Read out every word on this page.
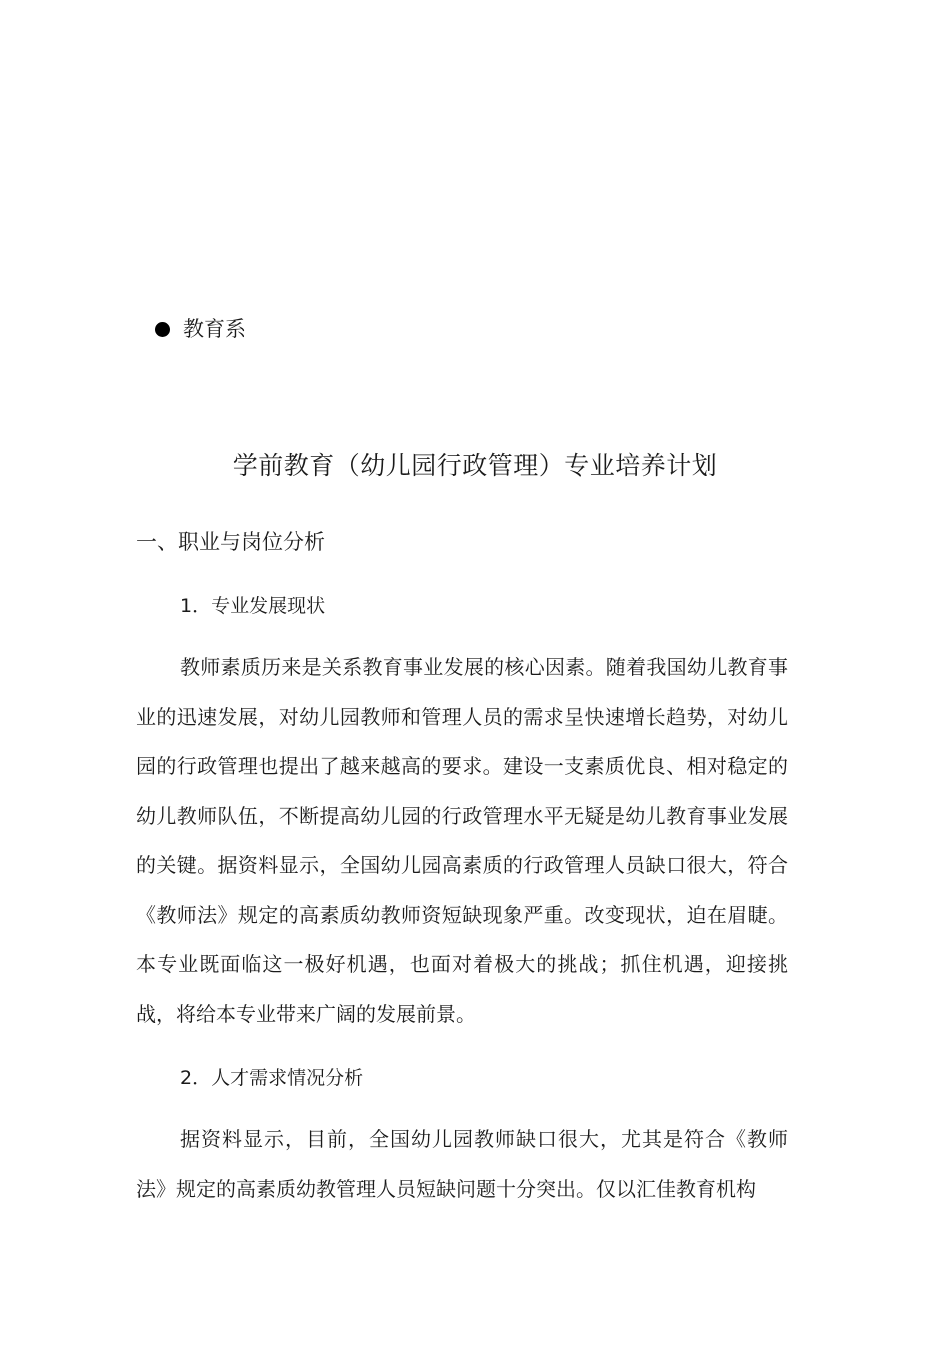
教育系
学前教育（幼儿园行政管理）专业培养计划
一、职业与岗位分析
1．专业发展现状

教师素质历来是关系教育事业发展的核心因素。随着我国幼儿教育事业的迅速发展，对幼儿园教师和管理人员的需求呈快速增长趋势，对幼儿园的行政管理也提出了越来越高的要求。建设一支素质优良、相对稳定的幼儿教师队伍，不断提高幼儿园的行政管理水平无疑是幼儿教育事业发展的关键。据资料显示，全国幼儿园高素质的行政管理人员缺口很大，符合《教师法》规定的高素质幼教师资短缺现象严重。改变现状，迫在眉睫。本专业既面临这一极好机遇，也面对着极大的挑战；抓住机遇，迎接挑战，将给本专业带来广阔的发展前景。

2．人才需求情况分析

据资料显示，目前，全国幼儿园教师缺口很大，尤其是符合《教师法》规定的高素质幼教管理人员短缺问题十分突出。仅以汇佳教育机构
